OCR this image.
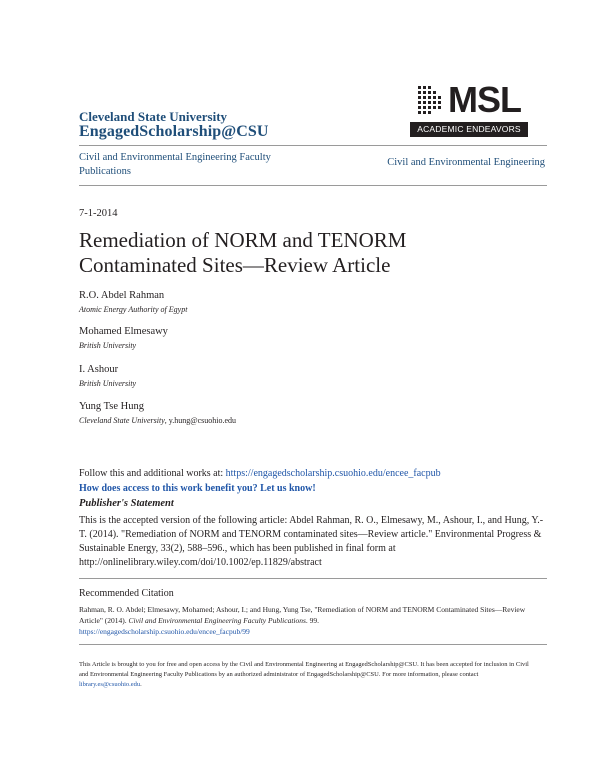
Cleveland State University
EngagedScholarship@CSU
MSL
ACADEMIC ENDEAVORS
Civil and Environmental Engineering Faculty Publications
Civil and Environmental Engineering
7-1-2014
Remediation of NORM and TENORM
Contaminated Sites—Review Article
R.O. Abdel Rahman
Atomic Energy Authority of Egypt
Mohamed Elmesawy
British University
I. Ashour
British University
Yung Tse Hung
Cleveland State University, y.hung@csuohio.edu
Follow this and additional works at: https://engagedscholarship.csuohio.edu/encee_facpub
How does access to this work benefit you? Let us know!
Publisher's Statement
This is the accepted version of the following article: Abdel Rahman, R. O., Elmesawy, M., Ashour, I., and Hung, Y.-T. (2014). "Remediation of NORM and TENORM contaminated sites—Review article." Environmental Progress & Sustainable Energy, 33(2), 588–596., which has been published in final form at http://onlinelibrary.wiley.com/doi/10.1002/ep.11829/abstract
Recommended Citation
Rahman, R. O. Abdel; Elmesawy, Mohamed; Ashour, I.; and Hung, Yung Tse, "Remediation of NORM and TENORM Contaminated Sites—Review Article" (2014). Civil and Environmental Engineering Faculty Publications. 99.
https://engagedscholarship.csuohio.edu/encee_facpub/99
This Article is brought to you for free and open access by the Civil and Environmental Engineering at EngagedScholarship@CSU. It has been accepted for inclusion in Civil and Environmental Engineering Faculty Publications by an authorized administrator of EngagedScholarship@CSU. For more information, please contact library.es@csuohio.edu.
